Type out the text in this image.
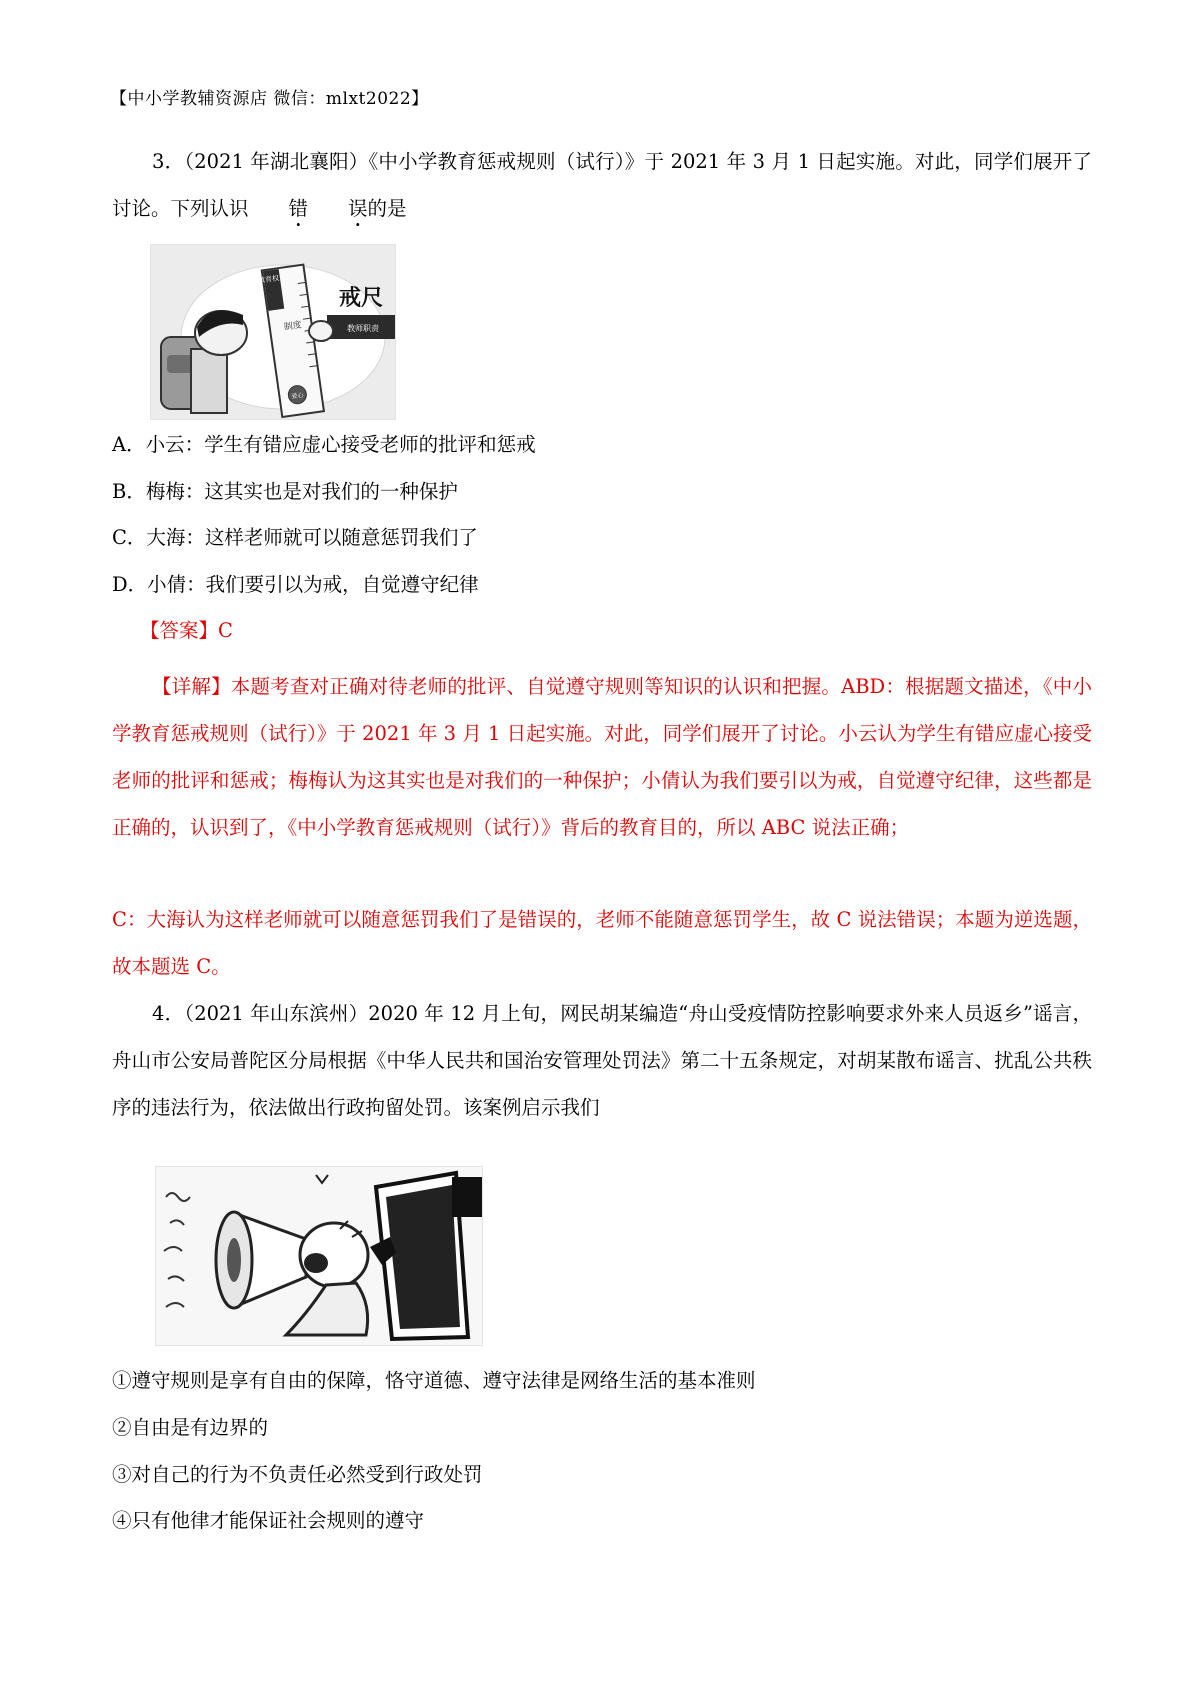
【中小学教辅资源店 微信：mlxt2022】

3．（2021 年湖北襄阳）《中小学教育惩戒规则（试行）》于 2021 年 3 月 1 日起实施。对此，同学们展开了讨论。下列认识 错 误的是

教育权力
制度
爱心
戒尺
教师职责
A．小云：学生有错应虚心接受老师的批评和惩戒
B．梅梅：这其实也是对我们的一种保护
C．大海：这样老师就可以随意惩罚我们了
D．小倩：我们要引以为戒，自觉遵守纪律
【答案】C

【详解】本题考查对正确对待老师的批评、自觉遵守规则等知识的认识和把握。ABD：根据题文描述，《中小学教育惩戒规则（试行）》于 2021 年 3 月 1 日起实施。对此，同学们展开了讨论。小云认为学生有错应虚心接受老师的批评和惩戒；梅梅认为这其实也是对我们的一种保护；小倩认为我们要引以为戒，自觉遵守纪律，这些都是正确的，认识到了，《中小学教育惩戒规则（试行）》背后的教育目的，所以 ABC 说法正确；

C：大海认为这样老师就可以随意惩罚我们了是错误的，老师不能随意惩罚学生，故 C 说法错误；本题为逆选题，故本题选 C。

4．（2021 年山东滨州）2020 年 12 月上旬，网民胡某编造“舟山受疫情防控影响要求外来人员返乡”谣言，舟山市公安局普陀区分局根据《中华人民共和国治安管理处罚法》第二十五条规定，对胡某散布谣言、扰乱公共秩序的违法行为，依法做出行政拘留处罚。该案例启示我们

①遵守规则是享有自由的保障，恪守道德、遵守法律是网络生活的基本准则
②自由是有边界的
③对自己的行为不负责任必然受到行政处罚
④只有他律才能保证社会规则的遵守
